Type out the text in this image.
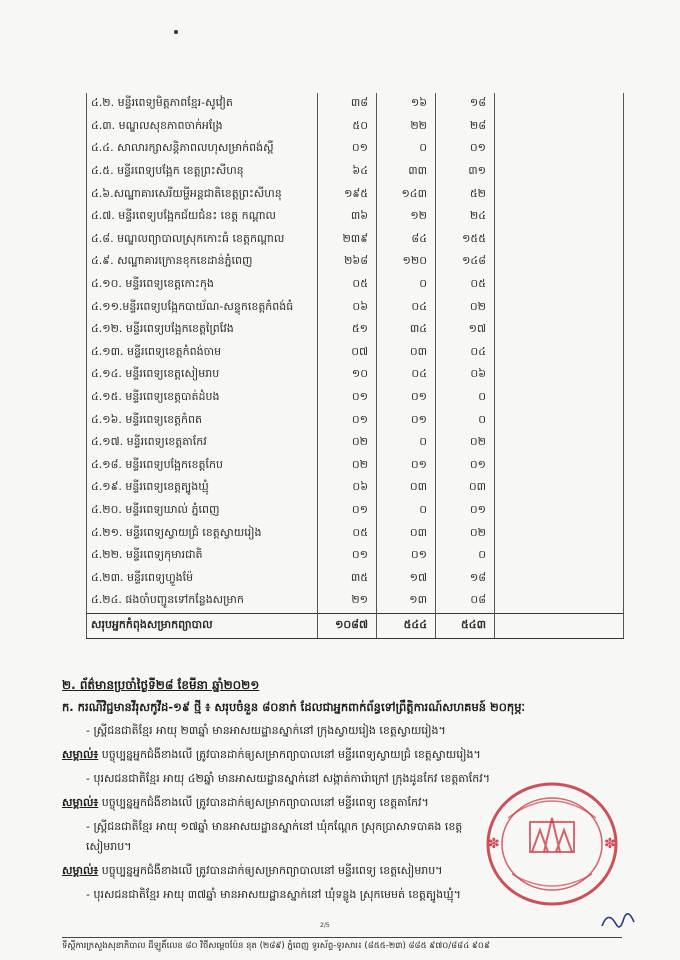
៤.២. មន្ទីរពេទ្យមិត្តភាពខ្មែរ-សូវៀត	៣៨	១៦	១៨	
៤.៣. មណ្ឌលសុខភាពចាក់អង្រែ	៥០	២២	២៨	
៤.៤. សាលារក្សាសន្តិភាពលហុសម្រាក់ពង់ស្ពឺ	០១	០	០១	
៤.៥. មន្ទីរពេទ្យបង្អែក ខេត្តព្រះសីហនុ	៦៤	៣៣	៣១	
៤.៦.សណ្ឋាគារសេរីយម្ហីអន្តជាតិខេត្តព្រះសីហនុ	១៩៥	១៤៣	៥២	
៤.៧. មន្ទីរពេទ្យបង្អែកជ័យជំនះ ខេត្ត កណ្តាល	៣៦	១២	២៤	
៤.៨. មណ្ឌលព្យាបាលស្រុកកោះធំ ខេត្តកណ្តាល	២៣៩	៨៤	១៥៥	
៤.៩. សណ្ឋាគារក្រោនខុកខេដាន់ភ្នំពេញ	២៦៨	១២០	១៤៨	
៤.១០. មន្ទីរពេទ្យខេត្តកោះកុង	០៥	០	០៥	
៤.១១.មន្ទីរពេទ្យបង្អែកបាយ័ណ-សន្ទុកខេត្តកំពង់ធំ	០៦	០៤	០២	
៤.១២. មន្ទីរពេទ្យបង្អែកខេត្តព្រៃវែង	៥១	៣៤	១៧	
៤.១៣. មន្ទីរពេទ្យខេត្តកំពង់ចាម	០៧	០៣	០៤	
៤.១៤. មន្ទីរពេទ្យខេត្តសៀមរាប	១០	០៤	០៦	
៤.១៥. មន្ទីរពេទ្យខេត្តបាត់ដំបង	០១	០១	០	
៤.១៦. មន្ទីរពេទ្យខេត្តកំពត	០១	០១	០	
៤.១៧. មន្ទីរពេទ្យខេត្តតាកែវ	០២	០	០២	
៤.១៨. មន្ទីរពេទ្យបង្អែកខេត្តកែប	០២	០១	០១	
៤.១៩. មន្ទីរពេទ្យខេត្តត្បូងឃ្មុំ	០៦	០៣	០៣	
៤.២០. មន្ទីរពេទ្យឃាល់ ភ្នំពេញ	០១	០	០១	
៤.២១. មន្ទីរពេទ្យស្វាយជ្រំ ខេត្តស្វាយរៀង	០៥	០៣	០២	
៤.២២. មន្ទីរពេទ្យកុមារជាតិ	០១	០១	០	
៤.២៣. មន្ទីរពេទ្យហ្លួងម៉ែ	៣៥	១៧	១៨	
៤.២៤. ផងចាំបញ្ជូនទៅកន្លែងសម្រាក	២១	១៣	០៨	
សរុបអ្នកកំពុងសម្រាកព្យាបាល	១០៨៧	៥៤៤	៥៤៣	
២. ព័ត៌មានប្រចាំថ្ងៃទី២៨ ខែមីនា ឆ្នាំ២០២១
ក. ករណីវិជ្ជមានវីរុសកូវីដ-១៩ ថ្មី ៖ សរុបចំនួន ៨០នាក់ ដែលជាអ្នកពាក់ព័ន្ធទៅព្រឹត្តិការណ៍សហគមន៍ ២០កុម្ភៈ
- ស្ត្រីជនជាតិខ្មែរ អាយុ ២៣ឆ្នាំ មានអាសយដ្ឋានស្នាក់នៅ ក្រុងស្វាយរៀង ខេត្តស្វាយរៀង។
សម្គាល់៖ បច្ចុប្បន្នអ្នកជំងឺខាងលើ ត្រូវបានដាក់ឲ្យសម្រាកព្យាបាលនៅ មន្ទីរពេទ្យស្វាយជ្រំ ខេត្តស្វាយរៀង។
- បុរសជនជាតិខ្មែរ អាយុ ៤២ឆ្នាំ មានអាសយដ្ឋានស្នាក់នៅ សង្កាត់ការ៉ោក្រៅ ក្រុងដូនកែវ ខេត្តតាកែវ។
សម្គាល់៖ បច្ចុប្បន្នអ្នកជំងឺខាងលើ ត្រូវបានដាក់ឲ្យសម្រាកព្យាបាលនៅ មន្ទីរពេទ្យ ខេត្តតាកែវ។
- ស្ត្រីជនជាតិខ្មែរ អាយុ ១៧ឆ្នាំ មានអាសយដ្ឋានស្នាក់នៅ ឃុំកណ្តែក ស្រុកប្រាសាទបាគង ខេត្ត
សៀមរាប។
សម្គាល់៖ បច្ចុប្បន្នអ្នកជំងឺខាងលើ ត្រូវបានដាក់ឲ្យសម្រាកព្យាបាលនៅ មន្ទីរពេទ្យ ខេត្តសៀមរាប។
- បុរសជនជាតិខ្មែរ អាយុ ៣៧ឆ្នាំ មានអាសយដ្ឋានស្នាក់នៅ ឃុំទន្លូង ស្រុកមេមត់ ខេត្តត្បូងឃ្មុំ។
✽	✽
2/5
ទីស្តីការក្រសួងសុខាភិបាល ដីឡូតិ៍លេខ ៨០ វិថីសម្តេចប៉ែន នុត (២៨៩) ភ្នំពេញ ទូរស័ព្ទ-ទូរសារ៖ (៨៥៥-២៣) ៨៨៥ ៩៧០/៨៨៤ ៩០៩
